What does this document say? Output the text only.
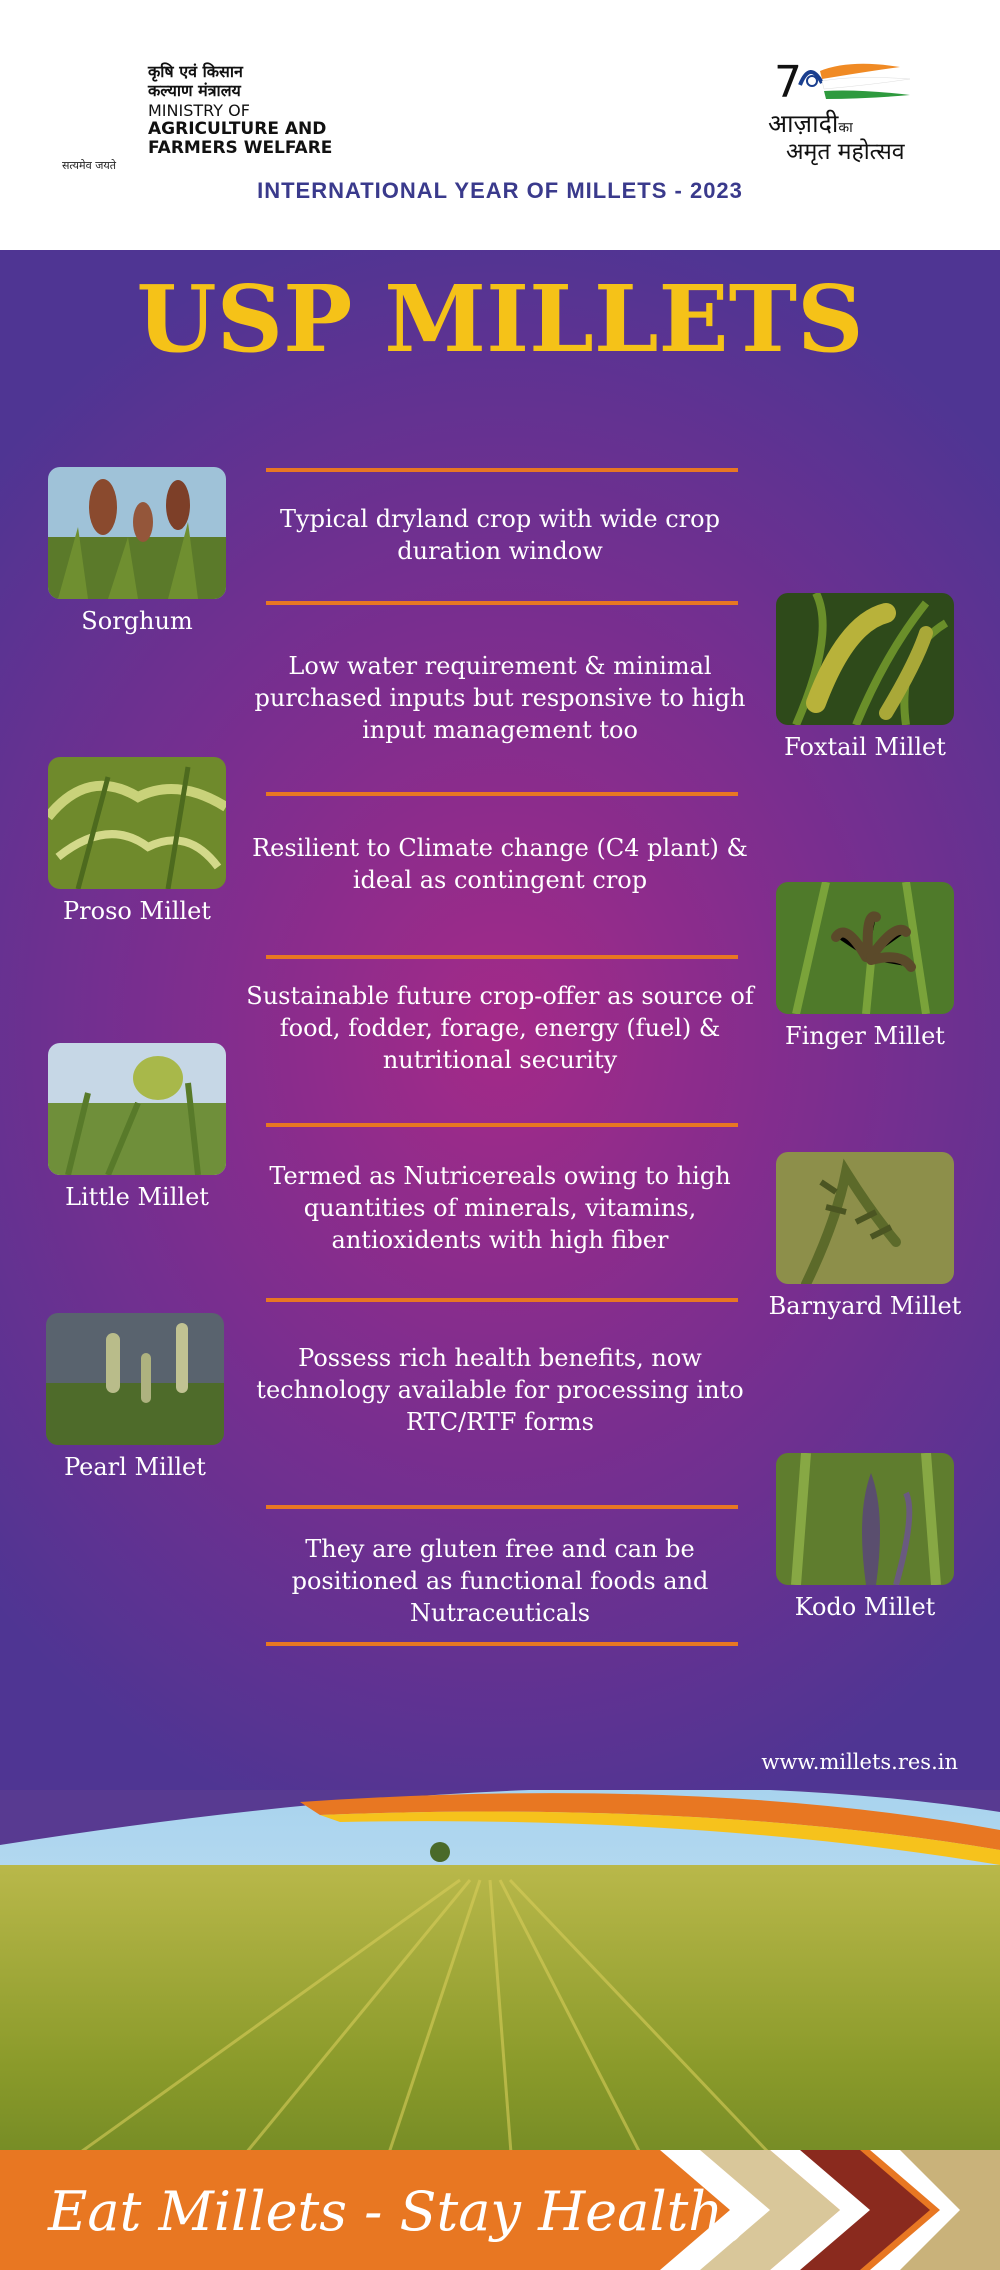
कृषि एवं किसान
कल्याण मंत्रालय
MINISTRY OF
AGRICULTURE AND
FARMERS WELFARE
सत्यमेव जयते
7
आज़ादीका
अमृत महोत्सव
INTERNATIONAL YEAR OF MILLETS - 2023
USP MILLETS
Typical dryland crop with wide crop duration window
Low water requirement & minimal purchased inputs but responsive to high input management too
Resilient to Climate change (C4 plant) & ideal as contingent crop
Sustainable future crop-offer as source of food, fodder, forage, energy (fuel) & nutritional security
Termed as Nutricereals owing to high quantities of minerals, vitamins, antioxidents with high fiber
Possess rich health benefits, now technology available for processing into RTC/RTF forms
They are gluten free and can be positioned as functional foods and Nutraceuticals
Sorghum
Foxtail Millet
Proso Millet
Finger Millet
Little Millet
Barnyard Millet
Pearl Millet
Kodo Millet
www.millets.res.in
Eat Millets - Stay Healthy
